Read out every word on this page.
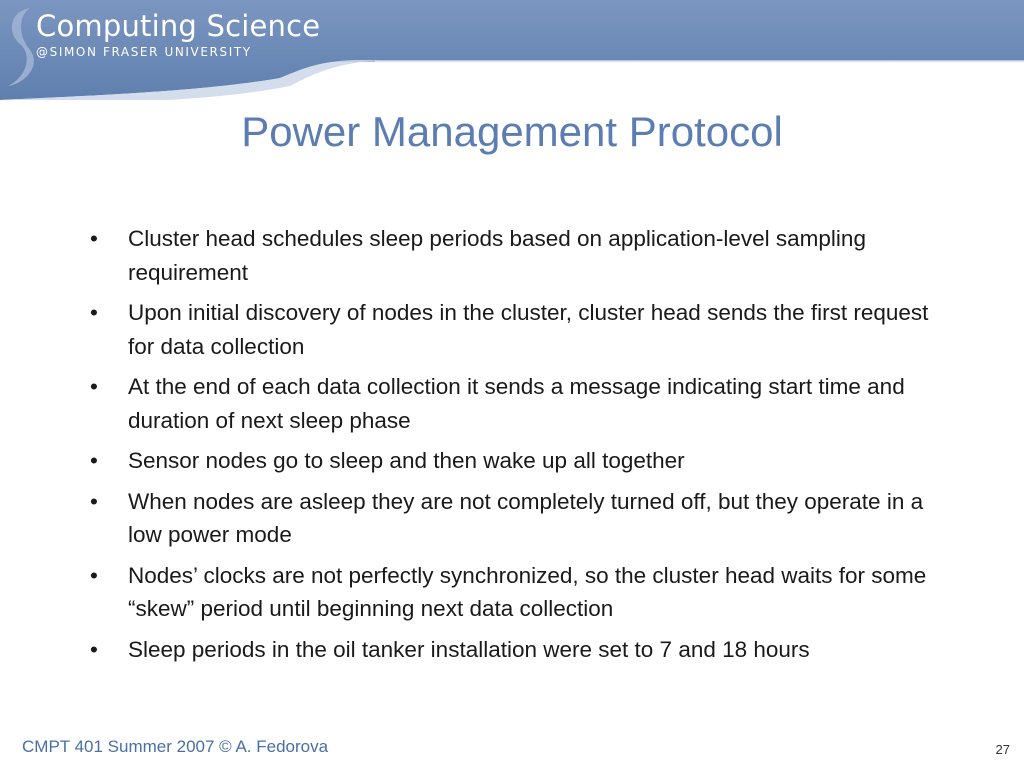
Computing Science
@SIMON FRASER UNIVERSITY
Power Management Protocol
• Cluster head schedules sleep periods based on application-level sampling requirement
• Upon initial discovery of nodes in the cluster, cluster head sends the first request for data collection
• At the end of each data collection it sends a message indicating start time and duration of next sleep phase
• Sensor nodes go to sleep and then wake up all together
• When nodes are asleep they are not completely turned off, but they operate in a low power mode
• Nodes’ clocks are not perfectly synchronized, so the cluster head waits for some “skew” period until beginning next data collection
• Sleep periods in the oil tanker installation were set to 7 and 18 hours
CMPT 401 Summer 2007 © A. Fedorova	27
